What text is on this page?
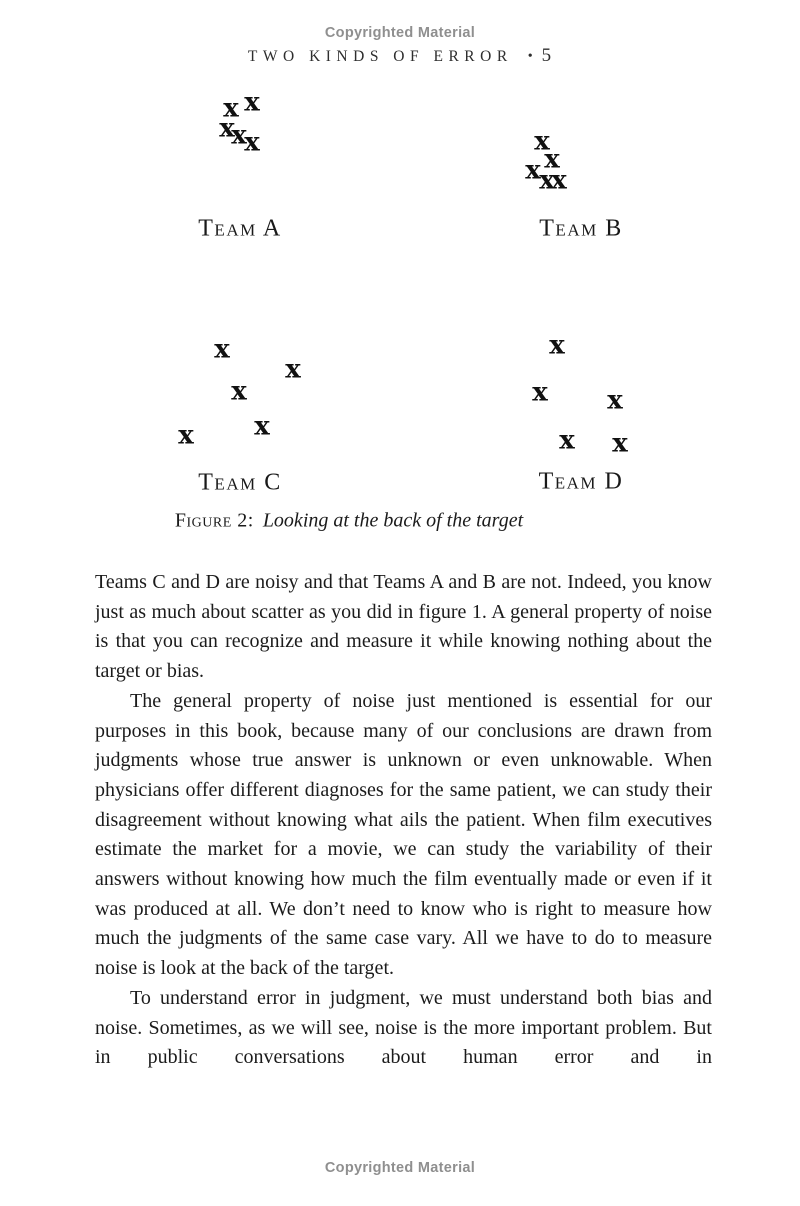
Copyrighted Material
TWO KINDS OF ERROR • 5
x x
x
x
x
Team A
x
x
x
x
x
Team B
x
x
x
x
x
Team C
x
x x
x x
Team D
Figure 2: Looking at the back of the target

Teams C and D are noisy and that Teams A and B are not. Indeed, you know just as much about scatter as you did in figure 1. A general property of noise is that you can recognize and measure it while knowing nothing about the target or bias.

The general property of noise just mentioned is essential for our purposes in this book, because many of our conclusions are drawn from judgments whose true answer is unknown or even unknowable. When physicians offer different diagnoses for the same patient, we can study their disagreement without knowing what ails the patient. When film executives estimate the market for a movie, we can study the variability of their answers without knowing how much the film eventually made or even if it was produced at all. We don’t need to know who is right to measure how much the judgments of the same case vary. All we have to do to measure noise is look at the back of the target.

To understand error in judgment, we must understand both bias and noise. Sometimes, as we will see, noise is the more important problem. But in public conversations about human error and in

Copyrighted Material
